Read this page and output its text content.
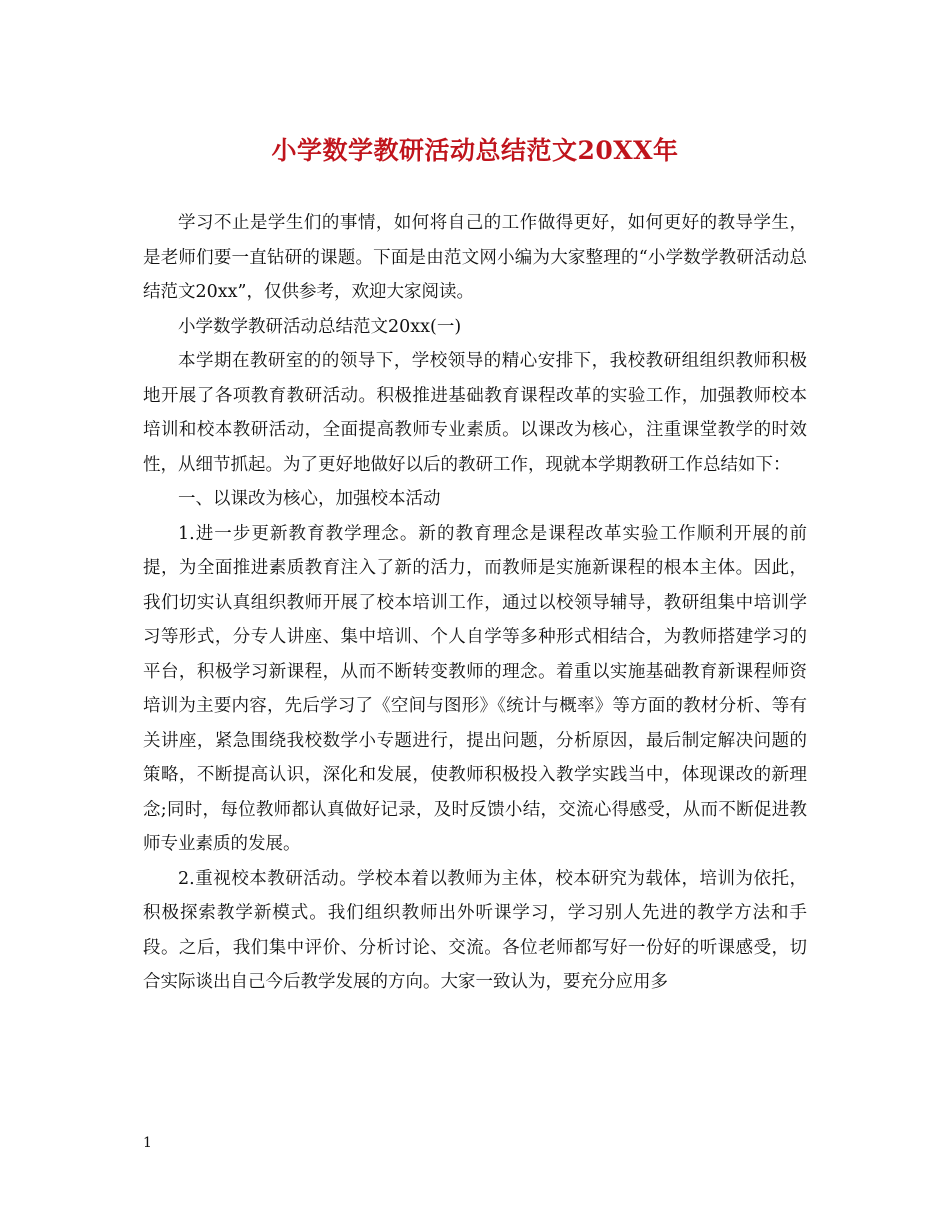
小学数学教研活动总结范文20XX年

学习不止是学生们的事情，如何将自己的工作做得更好，如何更好的教导学生，是老师们要一直钻研的课题。下面是由范文网小编为大家整理的“小学数学教研活动总结范文20xx”，仅供参考，欢迎大家阅读。

小学数学教研活动总结范文20xx(一)

本学期在教研室的的领导下，学校领导的精心安排下，我校教研组组织教师积极地开展了各项教育教研活动。积极推进基础教育课程改革的实验工作，加强教师校本培训和校本教研活动，全面提高教师专业素质。以课改为核心，注重课堂教学的时效性，从细节抓起。为了更好地做好以后的教研工作，现就本学期教研工作总结如下：

一、以课改为核心，加强校本活动

1.进一步更新教育教学理念。新的教育理念是课程改革实验工作顺利开展的前提，为全面推进素质教育注入了新的活力，而教师是实施新课程的根本主体。因此，我们切实认真组织教师开展了校本培训工作，通过以校领导辅导，教研组集中培训学习等形式，分专人讲座、集中培训、个人自学等多种形式相结合，为教师搭建学习的平台，积极学习新课程，从而不断转变教师的理念。着重以实施基础教育新课程师资培训为主要内容，先后学习了《空间与图形》《统计与概率》等方面的教材分析、等有关讲座，紧急围绕我校数学小专题进行，提出问题，分析原因，最后制定解决问题的策略，不断提高认识，深化和发展，使教师积极投入教学实践当中，体现课改的新理念;同时，每位教师都认真做好记录，及时反馈小结，交流心得感受，从而不断促进教师专业素质的发展。

2.重视校本教研活动。学校本着以教师为主体，校本研究为载体，培训为依托，积极探索教学新模式。我们组织教师出外听课学习，学习别人先进的教学方法和手段。之后，我们集中评价、分析讨论、交流。各位老师都写好一份好的听课感受，切合实际谈出自己今后教学发展的方向。大家一致认为，要充分应用多

1
